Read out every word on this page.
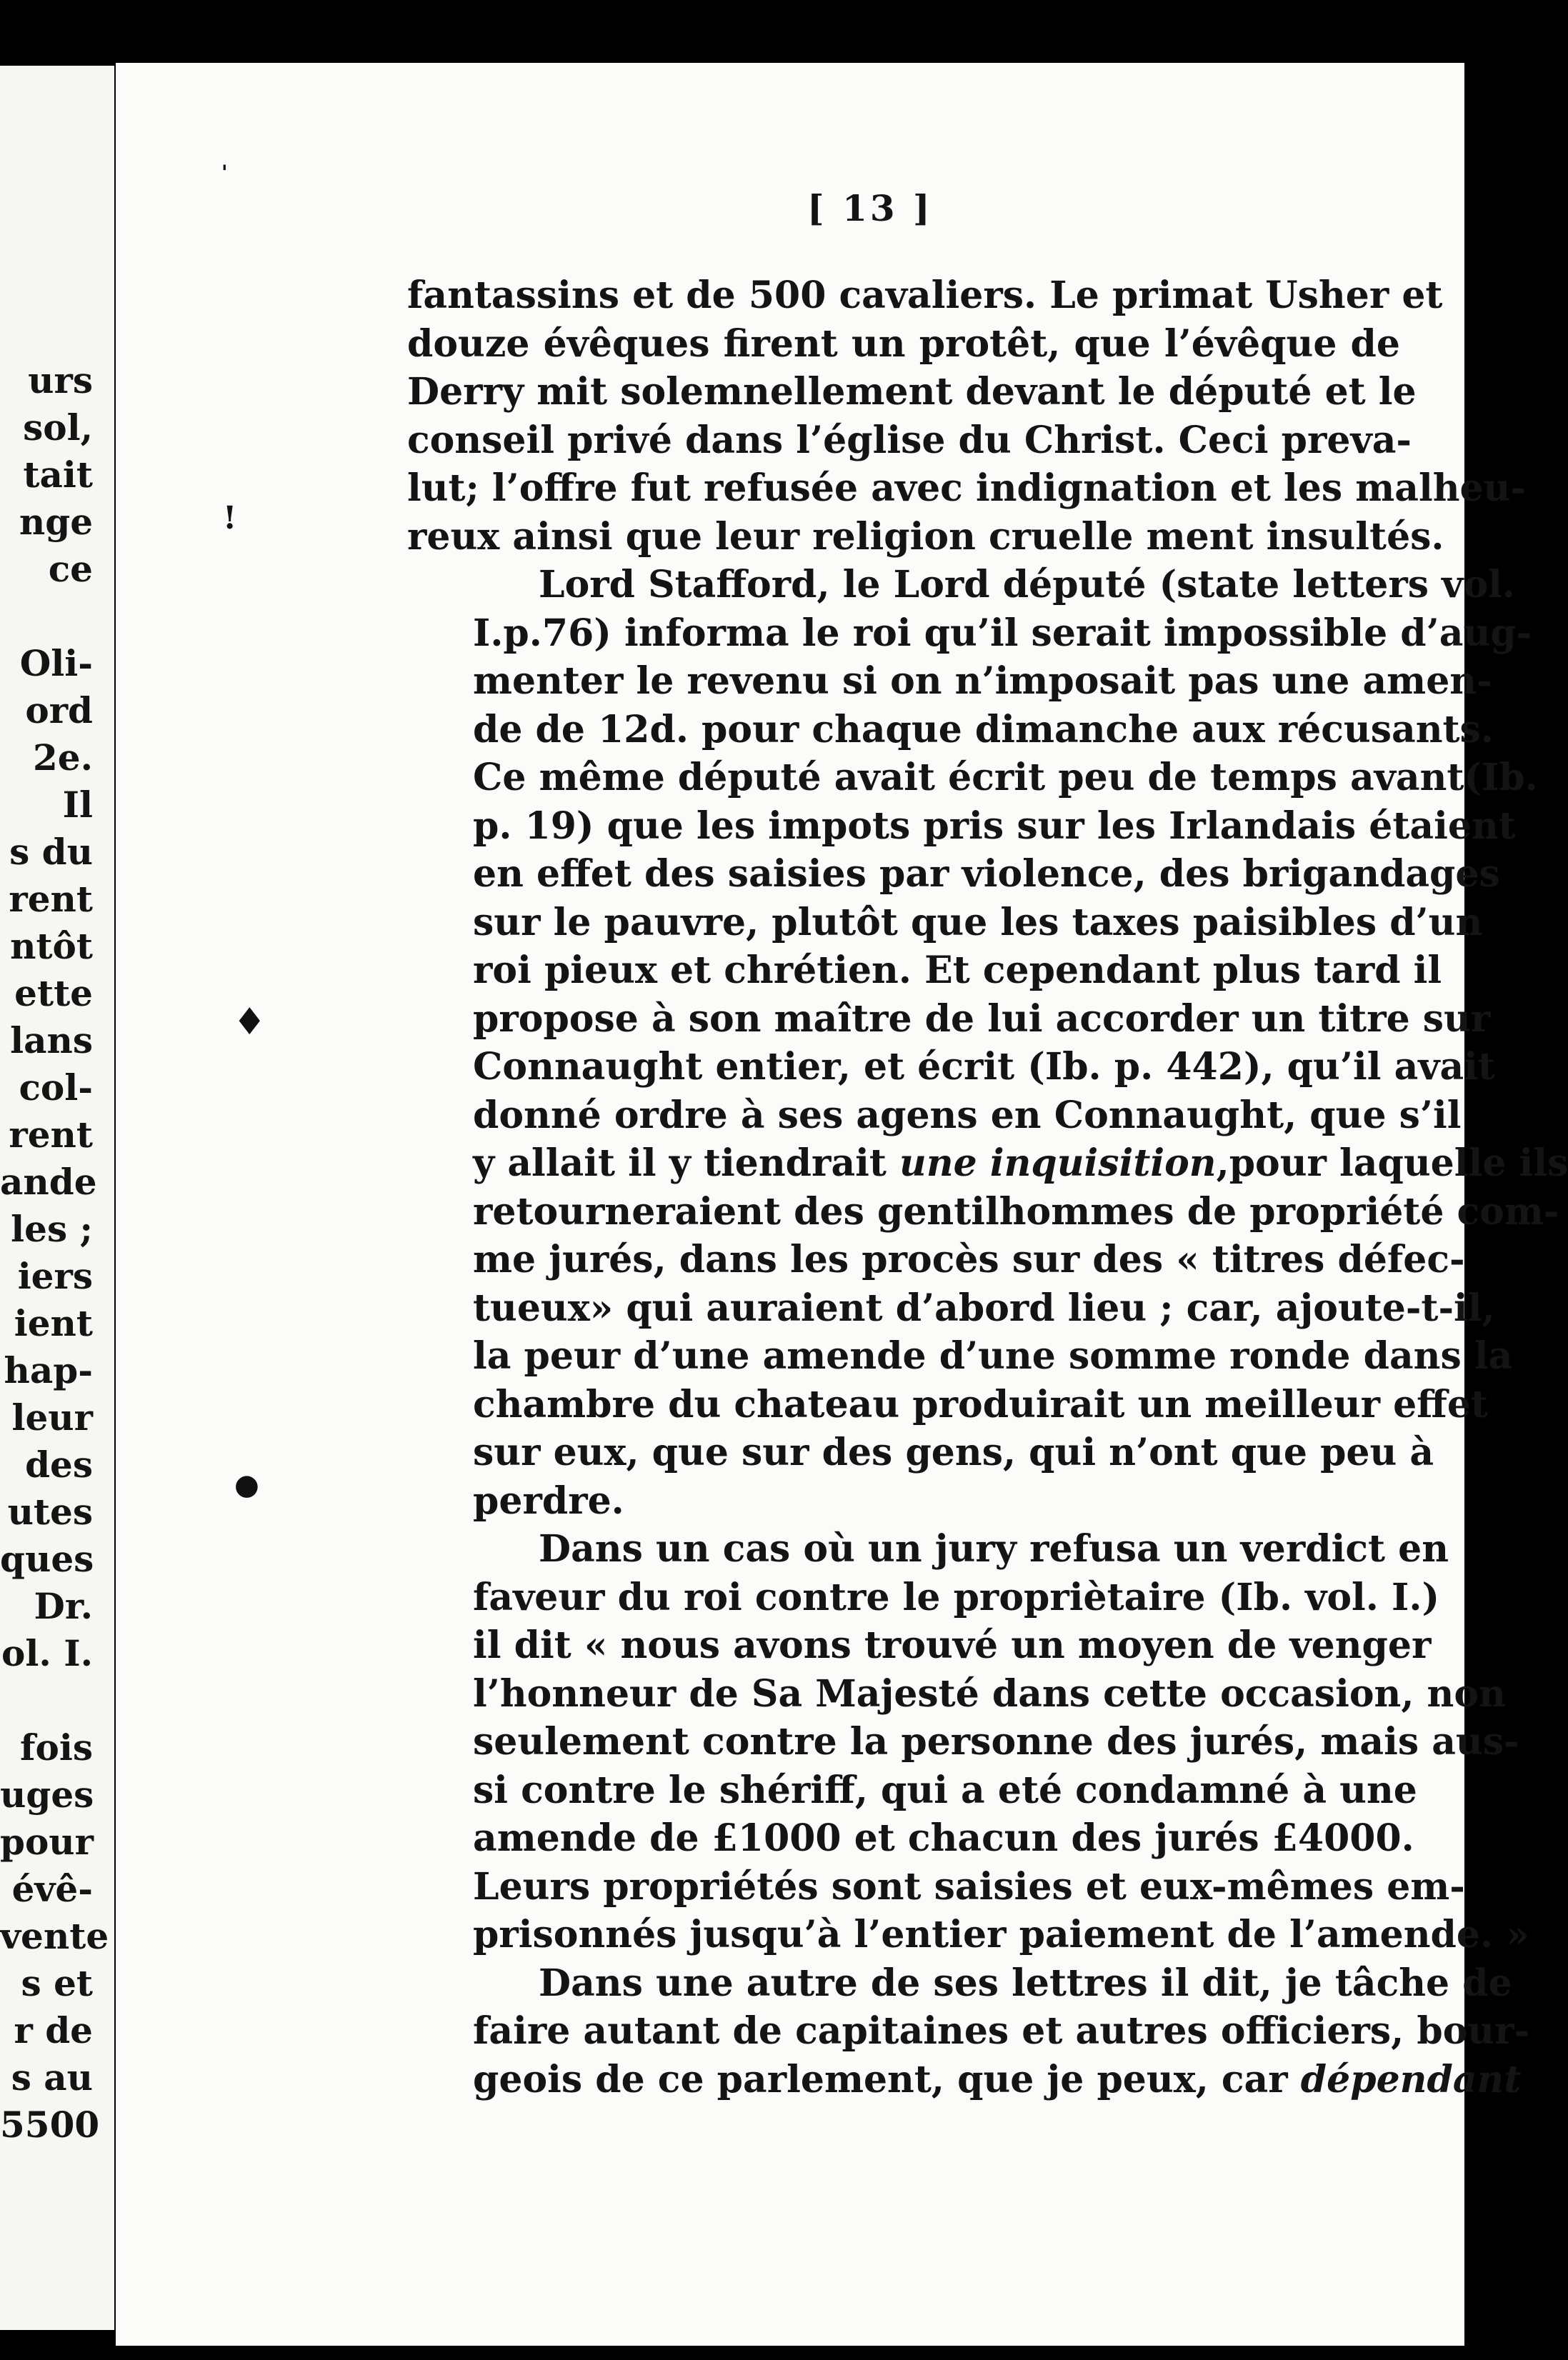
urs
sol,
tait
nge
ce

Oli-
ord
2e.
Il
s du
rent
ntôt
ette
lans
col-
rent
ande
les ;
iers
ient
hap-
leur
des
utes
ques
Dr.
ol. I.

fois
uges
pour
évê-
vente
s et
r de
s au
5500
[ 13 ]

fantassins et de 500 cavaliers. Le primat Usher et
douze évêques firent un protêt, que l’évêque de
Derry mit solemnellement devant le député et le
conseil privé dans l’église du Christ. Ceci preva-
lut; l’offre fut refusée avec indignation et les malheu-
reux ainsi que leur religion cruelle ment insultés.

Lord Stafford, le Lord député (state letters vol.
I.p.76) informa le roi qu’il serait impossible d’aug-
menter le revenu si on n’imposait pas une amen-
de de 12d. pour chaque dimanche aux récusants.
Ce même député avait écrit peu de temps avant(Ib.
p. 19) que les impots pris sur les Irlandais étaient
en effet des saisies par violence, des brigandages
sur le pauvre, plutôt que les taxes paisibles d’un
roi pieux et chrétien. Et cependant plus tard il
propose à son maître de lui accorder un titre sur
Connaught entier, et écrit (Ib. p. 442), qu’il avait
donné ordre à ses agens en Connaught, que s’il
y allait il y tiendrait une inquisition,pour laquelle ils
retourneraient des gentilhommes de propriété com-
me jurés, dans les procès sur des « titres défec-
tueux» qui auraient d’abord lieu ; car, ajoute-t-il,
la peur d’une amende d’une somme ronde dans la
chambre du chateau produirait un meilleur effet
sur eux, que sur des gens, qui n’ont que peu à
perdre.

Dans un cas où un jury refusa un verdict en
faveur du roi contre le propriètaire (Ib. vol. I.)
il dit « nous avons trouvé un moyen de venger
l’honneur de Sa Majesté dans cette occasion, non
seulement contre la personne des jurés, mais aus-
si contre le shériff, qui a eté condamné à une
amende de £1000 et chacun des jurés £4000.
Leurs propriétés sont saisies et eux-mêmes em-
prisonnés jusqu’à l’entier paiement de l’amende. »

Dans une autre de ses lettres il dit, je tâche de
faire autant de capitaines et autres officiers, bour-
geois de ce parlement, que je peux, car dépendant

'
!
♦
●
